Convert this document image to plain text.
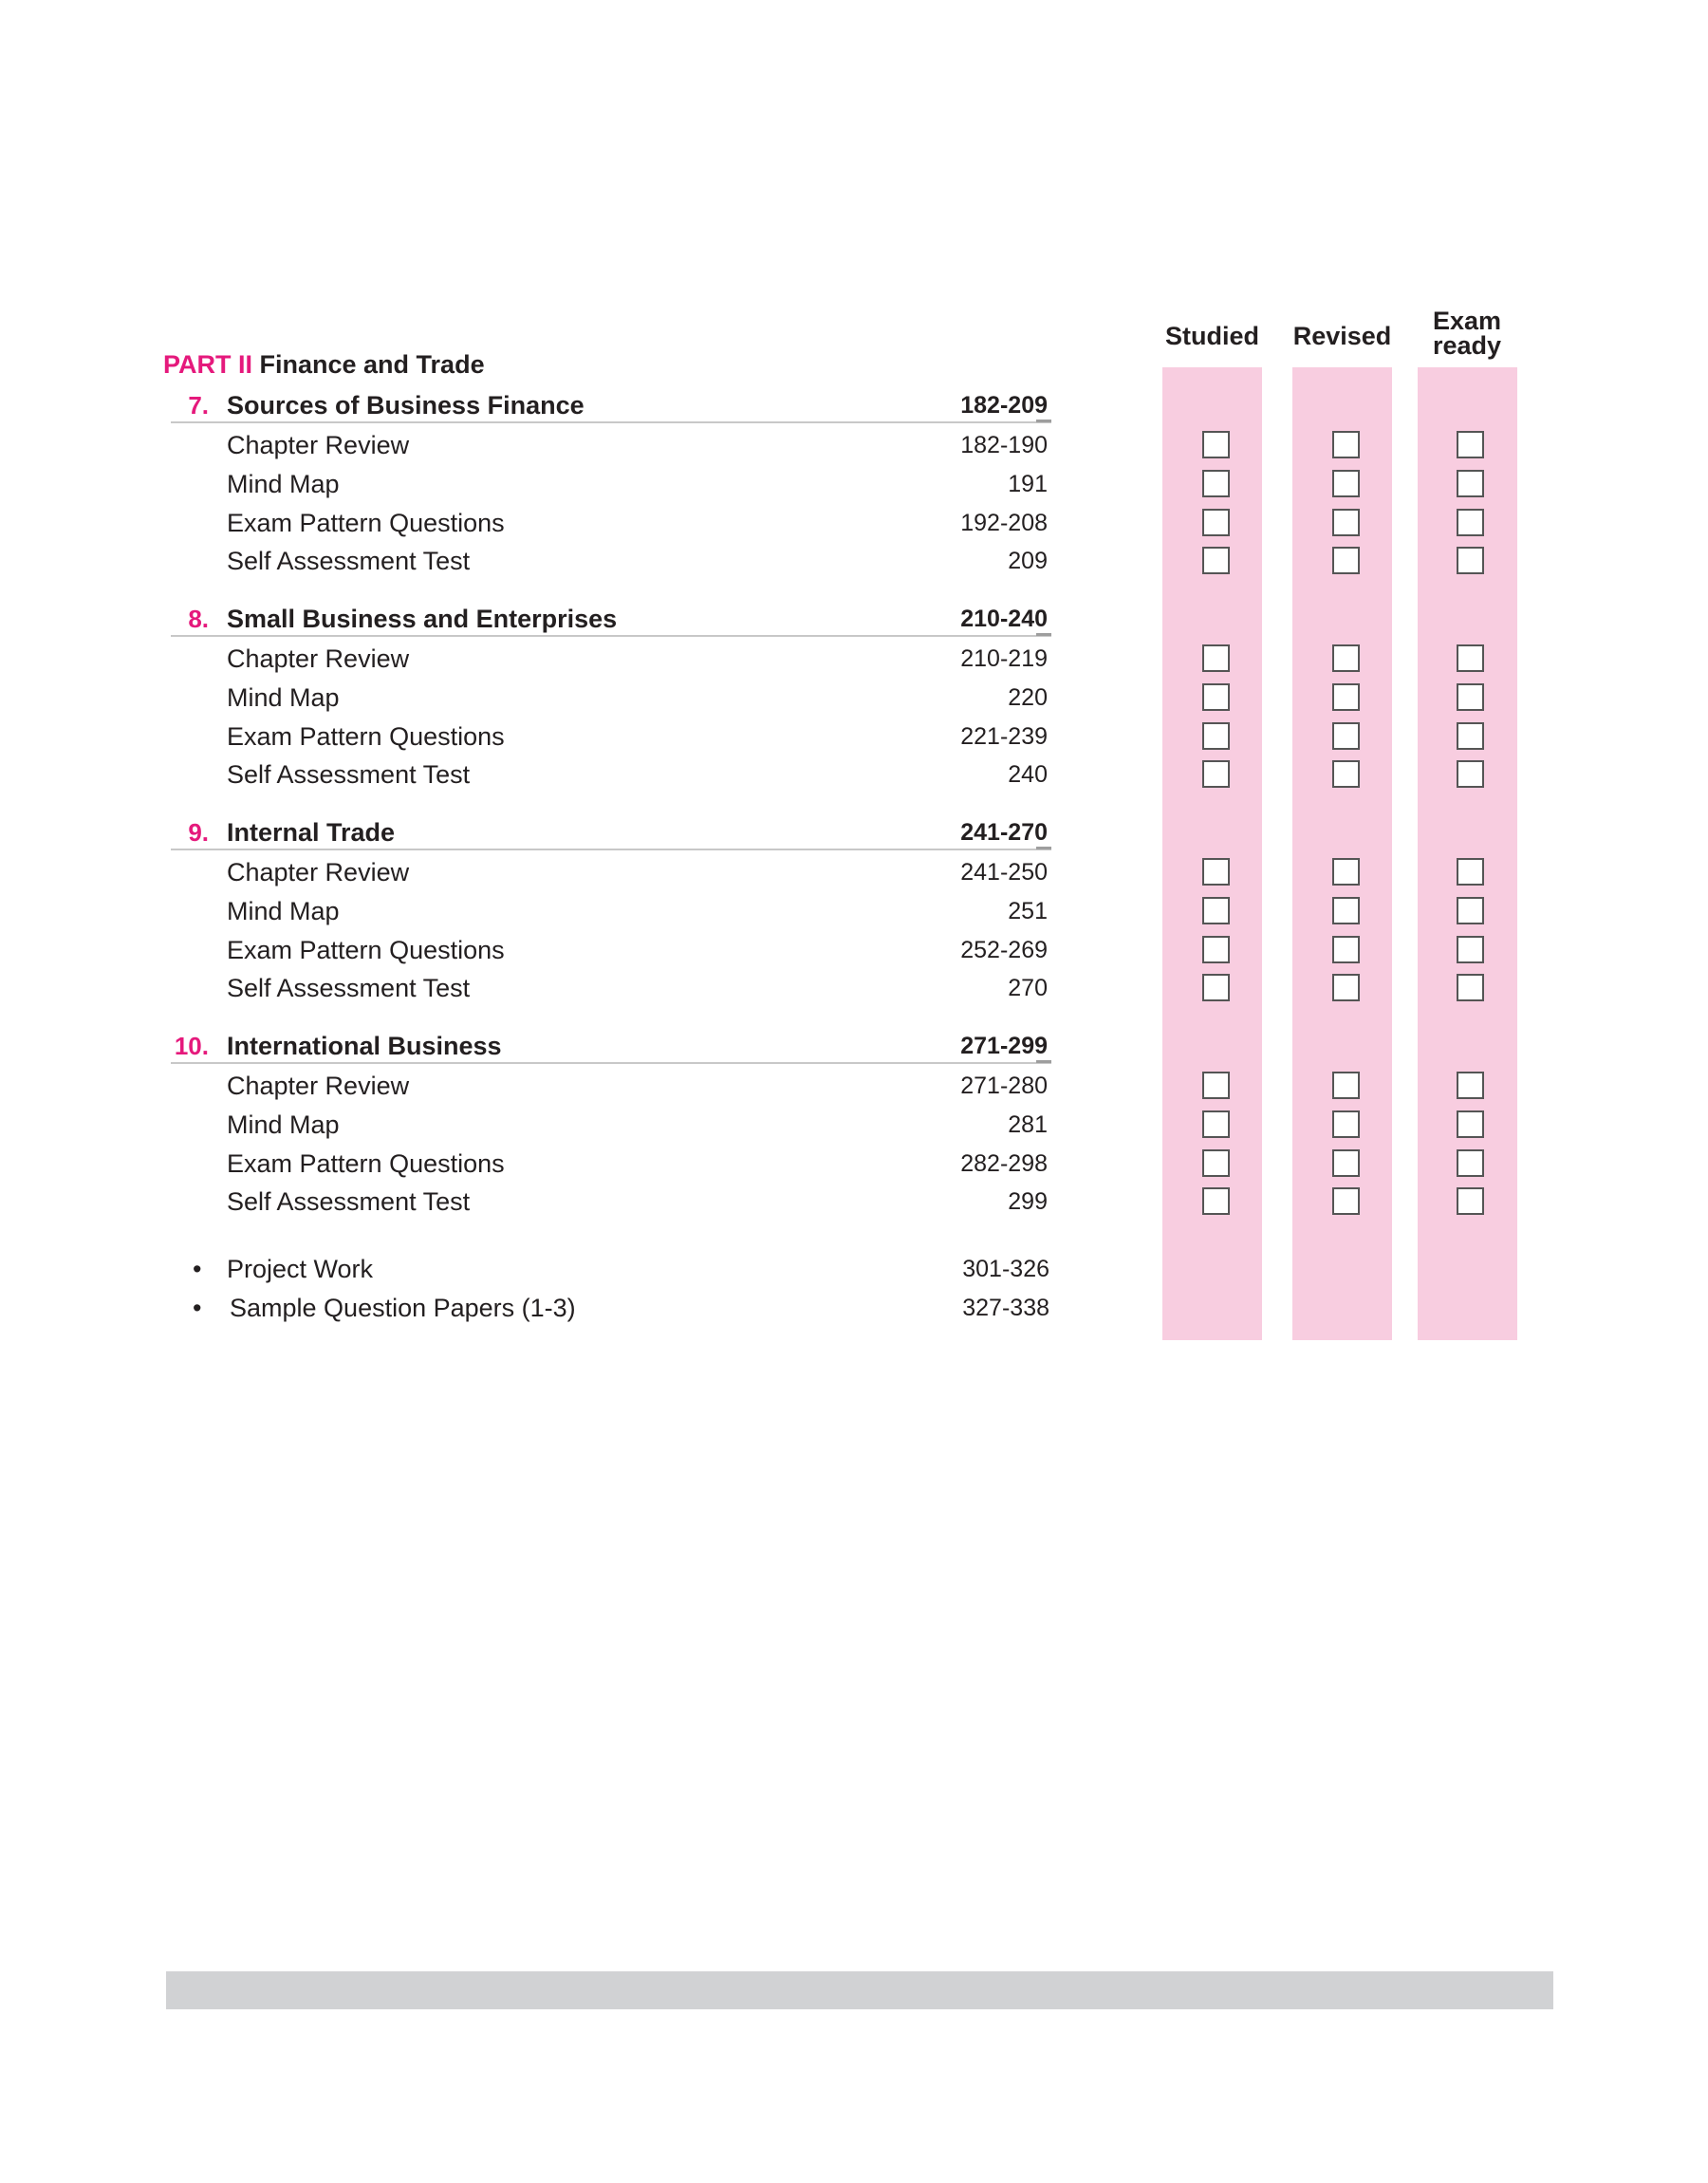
Studied	Revised
Exam ready
PART II Finance and Trade
7. Sources of Business Finance	182-209
Chapter Review	182-190
Mind Map	191
Exam Pattern Questions	192-208
Self Assessment Test	209
8. Small Business and Enterprises	210-240
Chapter Review	210-219
Mind Map	220
Exam Pattern Questions	221-239
Self Assessment Test	240
9. Internal Trade	241-270
Chapter Review	241-250
Mind Map	251
Exam Pattern Questions	252-269
Self Assessment Test	270
10. International Business	271-299
Chapter Review	271-280
Mind Map	281
Exam Pattern Questions	282-298
Self Assessment Test	299
• Project Work	301-326
• Sample Question Papers (1-3)	327-338
